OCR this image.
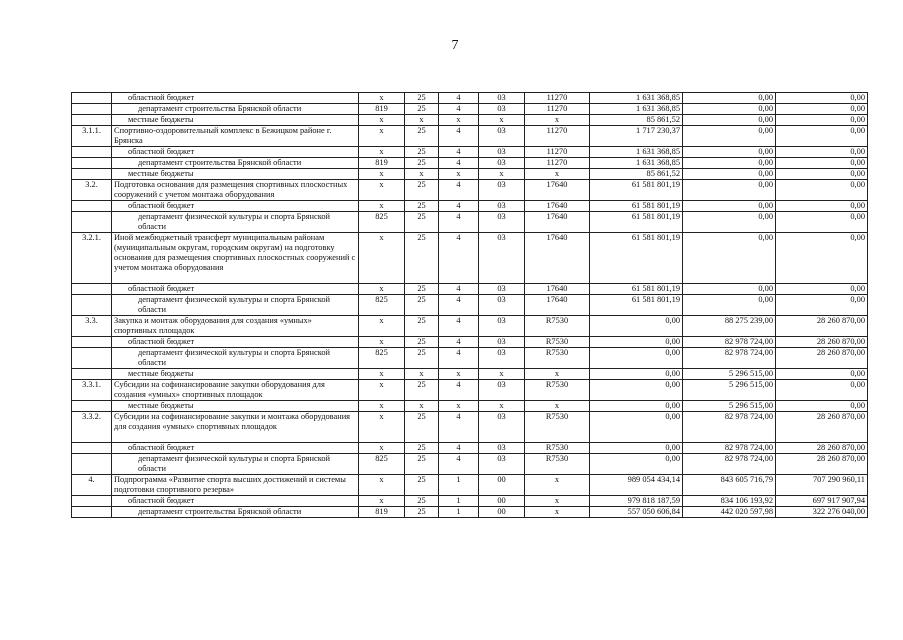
7
	областной бюджет	x	25	4	03	11270	1 631 368,85	0,00	0,00
	департамент строительства Брянской области	819	25	4	03	11270	1 631 368,85	0,00	0,00
	местные бюджеты	x	x	x	x	x	85 861,52	0,00	0,00
3.1.1.	Спортивно-оздоровительный комплекс в Бежицком районе г. Брянска	x	25	4	03	11270	1 717 230,37	0,00	0,00
	областной бюджет	x	25	4	03	11270	1 631 368,85	0,00	0,00
	департамент строительства Брянской области	819	25	4	03	11270	1 631 368,85	0,00	0,00
	местные бюджеты	x	x	x	x	x	85 861,52	0,00	0,00
3.2.	Подготовка основания для размещения спортивных плоскостных сооружений с учетом монтажа оборудования	x	25	4	03	17640	61 581 801,19	0,00	0,00
	областной бюджет	x	25	4	03	17640	61 581 801,19	0,00	0,00
	департамент физической культуры и спорта Брянской области	825	25	4	03	17640	61 581 801,19	0,00	0,00
3.2.1.	Иной межбюджетный трансферт муниципальным районам (муниципальным округам, городским округам) на подготовку основания для размещения спортивных плоскостных сооружений с учетом монтажа оборудования	x	25	4	03	17640	61 581 801,19	0,00	0,00
	областной бюджет	x	25	4	03	17640	61 581 801,19	0,00	0,00
	департамент физической культуры и спорта Брянской области	825	25	4	03	17640	61 581 801,19	0,00	0,00
3.3.	Закупка и монтаж оборудования для создания «умных» спортивных площадок	x	25	4	03	R7530	0,00	88 275 239,00	28 260 870,00
	областной бюджет	x	25	4	03	R7530	0,00	82 978 724,00	28 260 870,00
	департамент физической культуры и спорта Брянской области	825	25	4	03	R7530	0,00	82 978 724,00	28 260 870,00
	местные бюджеты	x	x	x	x	x	0,00	5 296 515,00	0,00
3.3.1.	Субсидии на софинансирование закупки оборудования для создания «умных» спортивных площадок	x	25	4	03	R7530	0,00	5 296 515,00	0,00
	местные бюджеты	x	x	x	x	x	0,00	5 296 515,00	0,00
3.3.2.	Субсидии на софинансирование закупки и монтажа оборудования для создания «умных» спортивных площадок	x	25	4	03	R7530	0,00	82 978 724,00	28 260 870,00
	областной бюджет	x	25	4	03	R7530	0,00	82 978 724,00	28 260 870,00
	департамент физической культуры и спорта Брянской области	825	25	4	03	R7530	0,00	82 978 724,00	28 260 870,00
4.	Подпрограмма «Развитие спорта высших достижений и системы подготовки спортивного резерва»	x	25	1	00	x	989 054 434,14	843 605 716,79	707 290 960,11
	областной бюджет	x	25	1	00	x	979 818 187,59	834 106 193,92	697 917 907,94
	департамент строительства Брянской области	819	25	1	00	x	557 050 606,84	442 020 597,98	322 276 040,00
